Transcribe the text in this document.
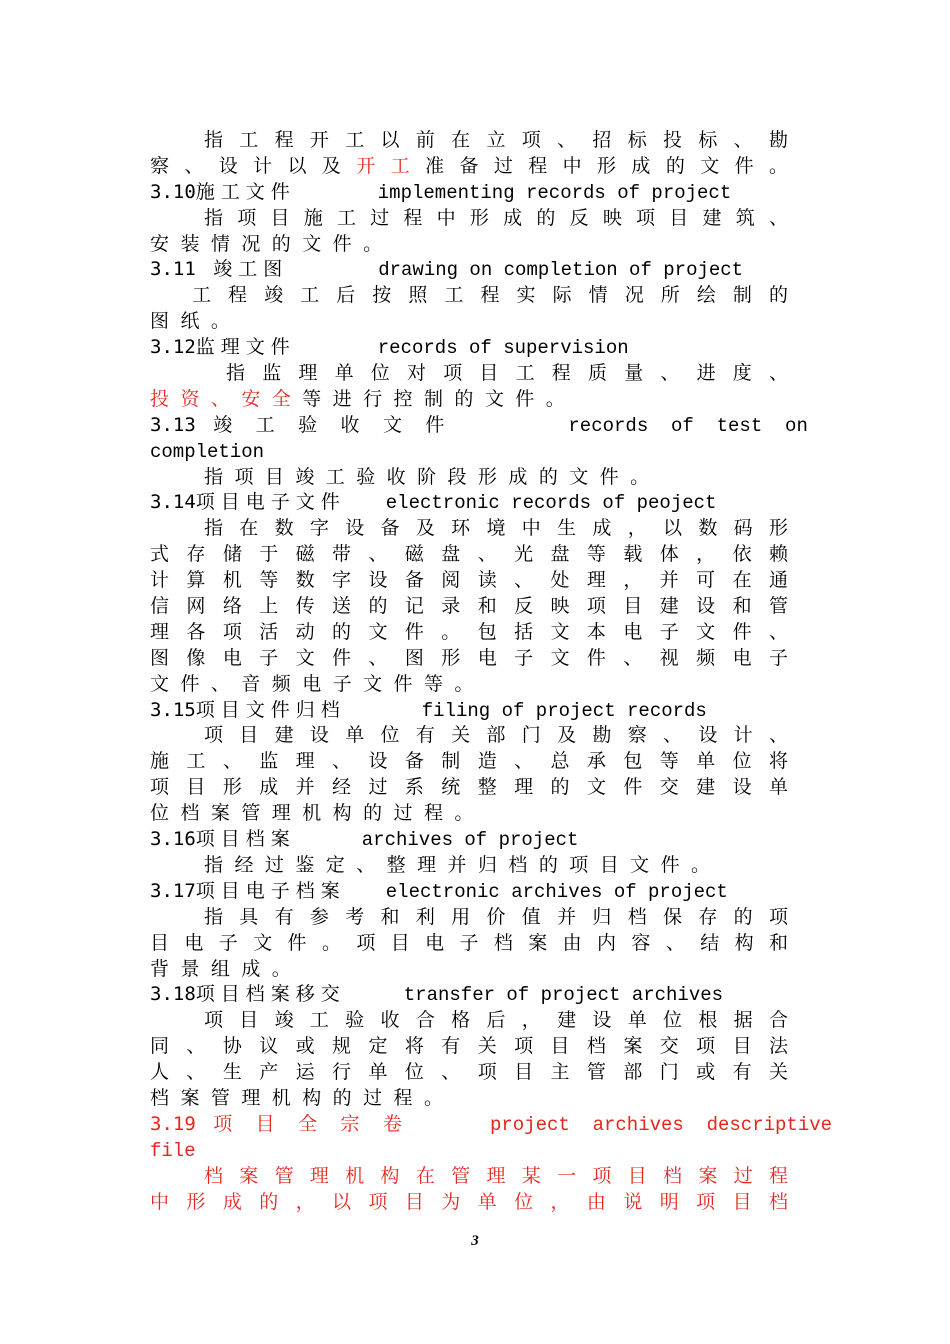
指​工​程​开​工​以​前​在​立​项​、​招​标​投​标​、​勘
察​、​设​计​以​及开​工准​备​过​程​中​形​成​的​文​件​。
3.10 施工文件	implementing records of project
指​项​目​施​工​过​程​中​形​成​的​反​映​项​目​建​筑​、
安 装 情 况 的 文 件 。
3.11 竣工图	drawing on completion of project
工​程​竣​工​后​按​照​工​程​实​际​情​况​所​绘​制​的
图 纸 。
3.12 监理文件	records of supervision
指​监​理​单​位​对​项​目​工​程​质​量​、​进​度​、
投 资 、 安 全 等 进 行 控 制 的 文 件 。
3.13 竣 工 验 收 文 件	records  of  test  on
completion
指 项 目 竣 工 验 收 阶 段 形 成 的 文 件 。
3.14 项目电子文件 electronic records of peoject
指​在​数​字​设​备​及​环​境​中​生​成​，​以​数​码​形
式​存​储​于​磁​带​、​磁​盘​、​光​盘​等​载​体​，​依​赖
计​算​机​等​数​字​设​备​阅​读​、​处​理​，​并​可​在​通
信​网​络​上​传​送​的​记​录​和​反​映​项​目​建​设​和​管
理​各​项​活​动​的​文​件​。​包​括​文​本​电​子​文​件​、
图​像​电​子​文​件​、​图​形​电​子​文​件​、​视​频​电​子
文 件 、 音 频 电 子 文 件 等 。
3.15 项目文件归档	filing of project records
项​目​建​设​单​位​有​关​部​门​及​勘​察​、​设​计​、
施​工​、​监​理​、​设​备​制​造​、​总​承​包​等​单​位​将
项​目​形​成​并​经​过​系​统​整​理​的​文​件​交​建​设​单
位 档 案 管 理 机 构 的 过 程 。
3.16 项目档案	archives of project
指 经 过 鉴 定 、 整 理 并 归 档 的 项 目 文 件 。
3.17 项目电子档案 electronic archives of project
指​具​有​参​考​和​利​用​价​值​并​归​档​保​存​的​项
目​电​子​文​件​。​项​目​电​子​档​案​由​内​容​、​结​构​和
背 景 组 成 。
3.18 项目档案移交	transfer of project archives
项​目​竣​工​验​收​合​格​后​，​建​设​单​位​根​据​合
同​、​协​议​或​规​定​将​有​关​项​目​档​案​交​项​目​法
人​、​生​产​运​行​单​位​、​项​目​主​管​部​门​或​有​关
档 案 管 理 机 构 的 过 程 。
3.19 项 目 全 宗 卷	project  archives  descriptive
file
档​案​管​理​机​构​在​管​理​某​一​项​目​档​案​过​程
中​形​成​的​，​以​项​目​为​单​位​，​由​说​明​项​目​档
3
